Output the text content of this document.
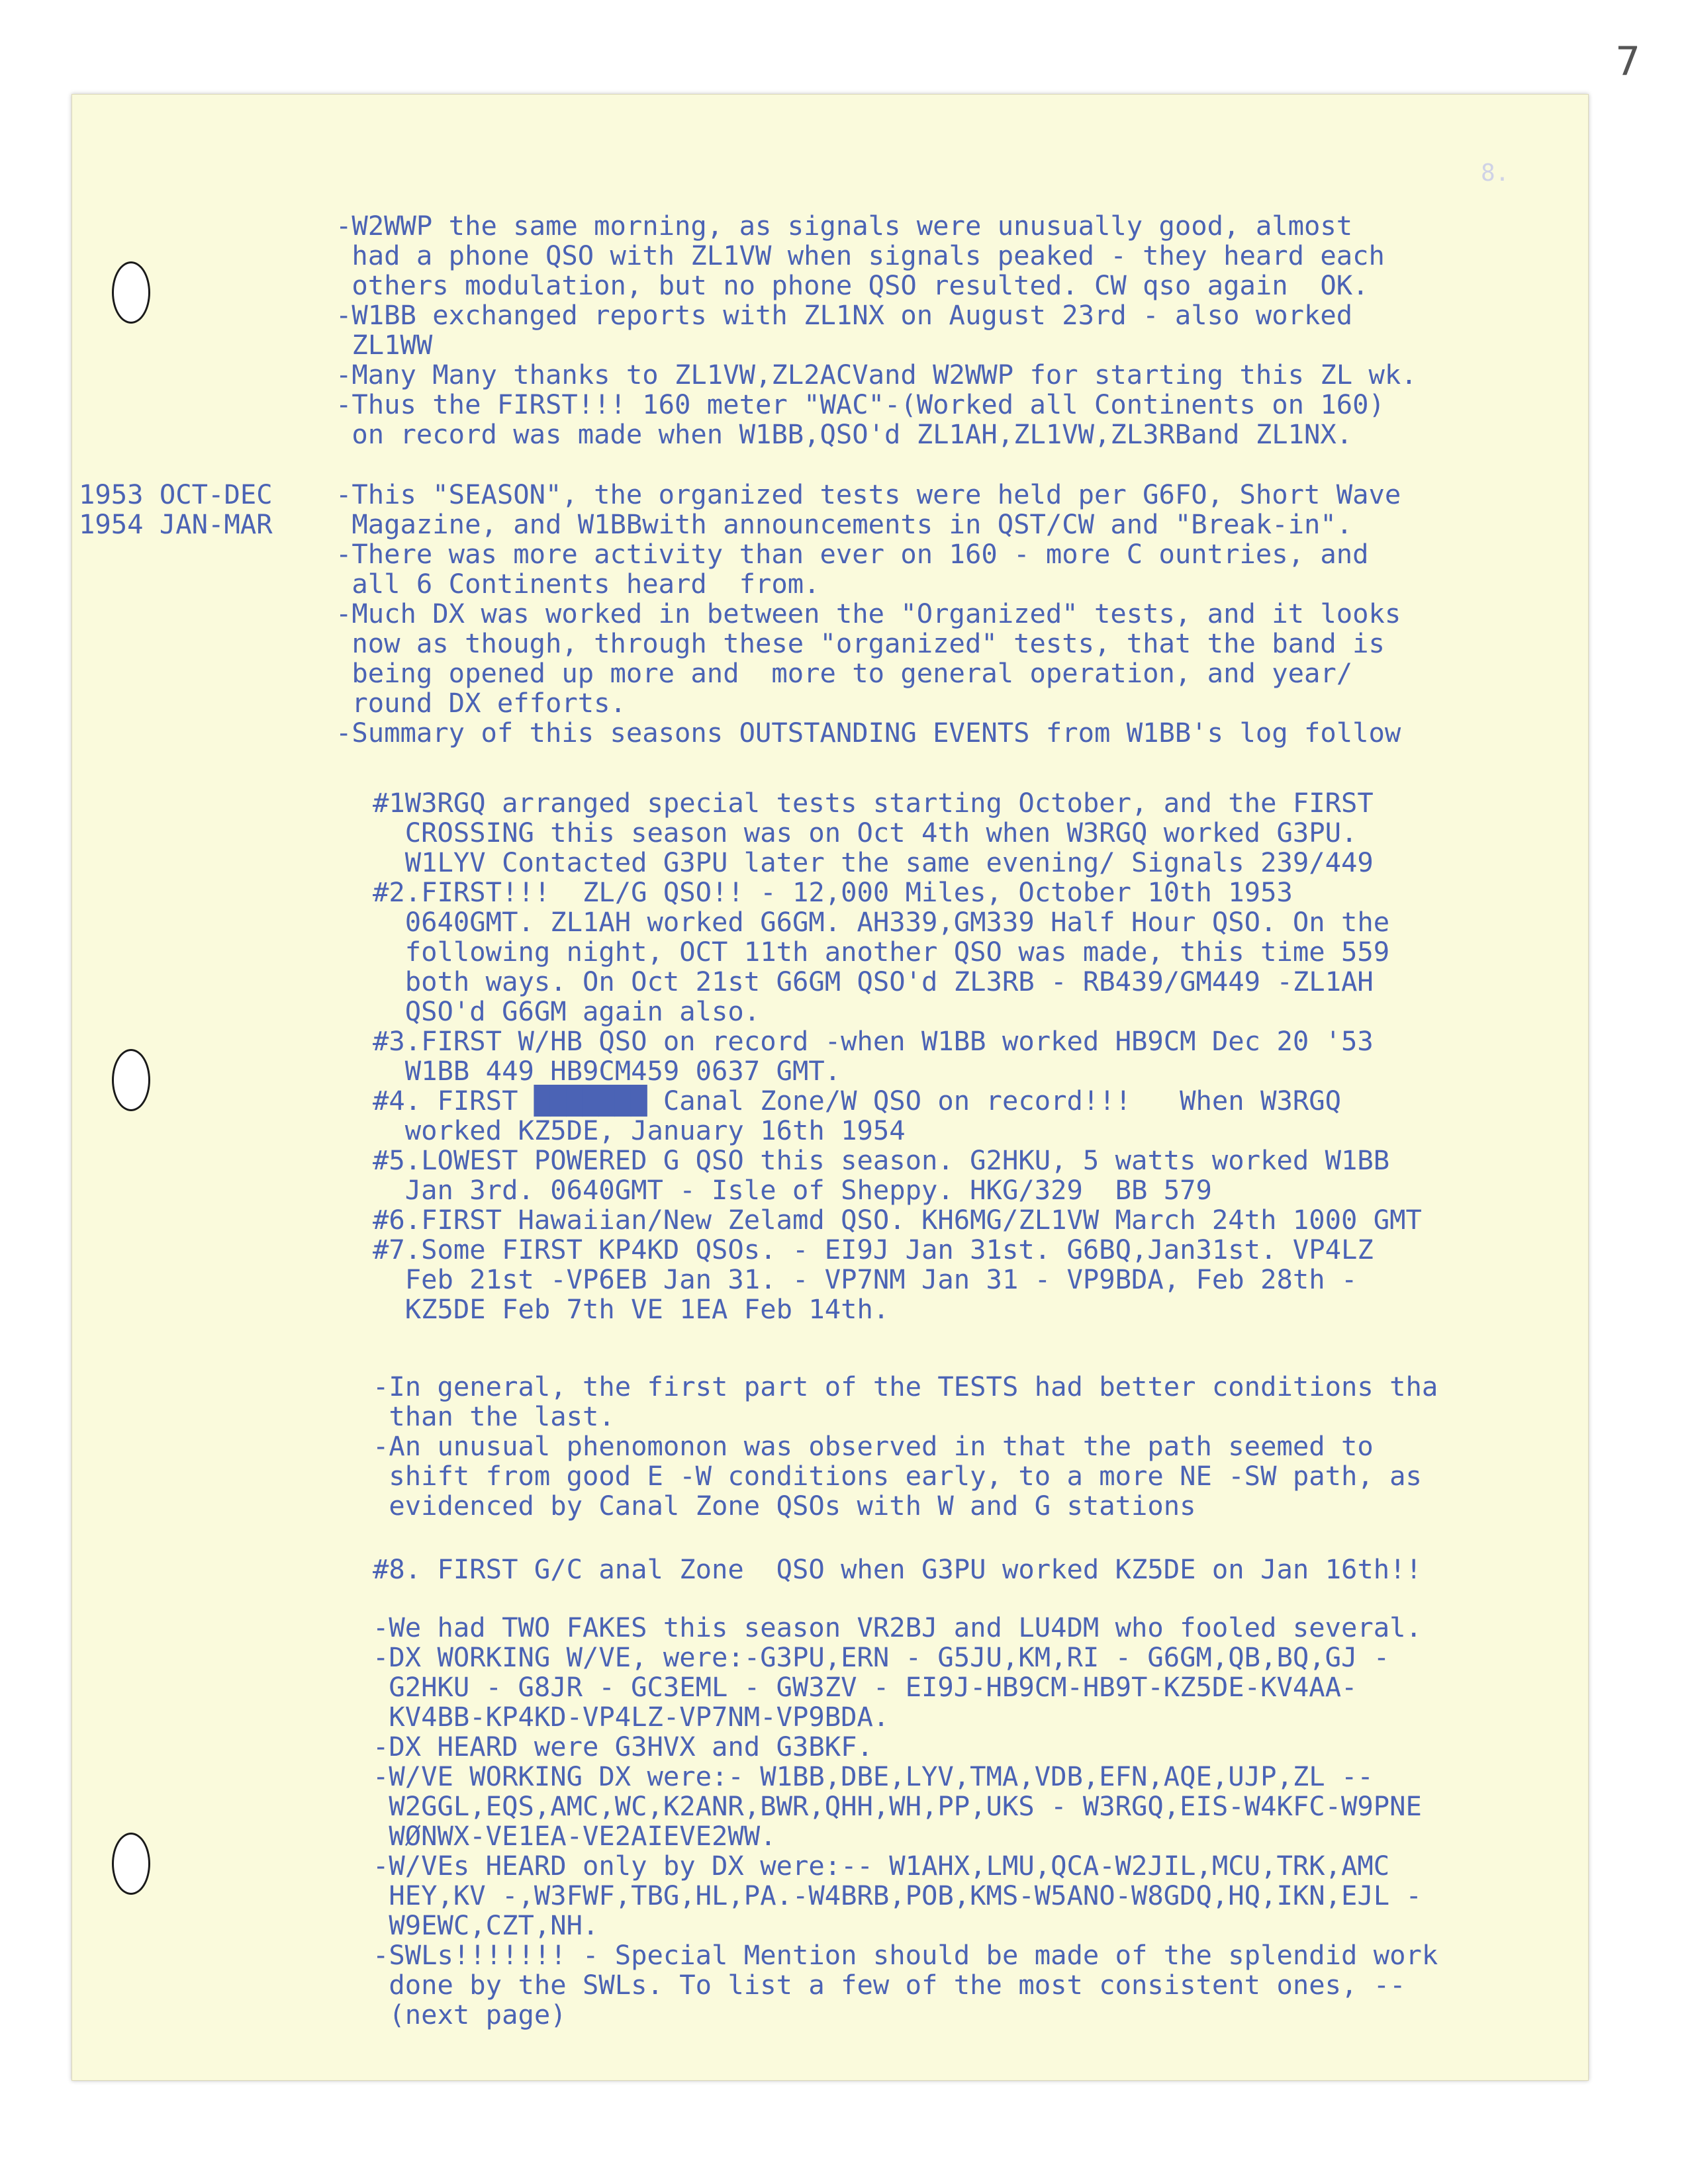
7
8.
1953 OCT-DEC
1954 JAN-MAR
-W2WWP the same morning, as signals were unusually good, almost
had a phone QSO with ZL1VW when signals peaked - they heard each
others modulation, but no phone QSO resulted. CW qso again  OK.
-W1BB exchanged reports with ZL1NX on August 23rd - also worked
ZL1WW
-Many Many thanks to ZL1VW,ZL2ACVand W2WWP for starting this ZL wk.
-Thus the FIRST!!! 160 meter "WAC"-(Worked all Continents on 160)
on record was made when W1BB,QSO'd ZL1AH,ZL1VW,ZL3RBand ZL1NX.
-This "SEASON", the organized tests were held per G6FO, Short Wave
Magazine, and W1BBwith announcements in QST/CW and "Break-in".
-There was more activity than ever on 160 - more C ountries, and
all 6 Continents heard  from.
-Much DX was worked in between the "Organized" tests, and it looks
now as though, through these "organized" tests, that the band is
being opened up more and  more to general operation, and year/
round DX efforts.
-Summary of this seasons OUTSTANDING EVENTS from W1BB's log follow
#1W3RGQ arranged special tests starting October, and the FIRST
CROSSING this season was on Oct 4th when W3RGQ worked G3PU.
W1LYV Contacted G3PU later the same evening/ Signals 239/449
#2.FIRST!!!  ZL/G QSO!! - 12,000 Miles, October 10th 1953
0640GMT. ZL1AH worked G6GM. AH339,GM339 Half Hour QSO. On the
following night, OCT 11th another QSO was made, this time 559
both ways. On Oct 21st G6GM QSO'd ZL3RB - RB439/GM449 -ZL1AH
QSO'd G6GM again also.
#3.FIRST W/HB QSO on record -when W1BB worked HB9CM Dec 20 '53
W1BB 449 HB9CM459 0637 GMT.
#4. FIRST ███████ Canal Zone/W QSO on record!!!   When W3RGQ
worked KZ5DE, January 16th 1954
#5.LOWEST POWERED G QSO this season. G2HKU, 5 watts worked W1BB
Jan 3rd. 0640GMT - Isle of Sheppy. HKG/329  BB 579
#6.FIRST Hawaiian/New Zelamd QSO. KH6MG/ZL1VW March 24th 1000 GMT
#7.Some FIRST KP4KD QSOs. - EI9J Jan 31st. G6BQ,Jan31st. VP4LZ
Feb 21st -VP6EB Jan 31. - VP7NM Jan 31 - VP9BDA, Feb 28th -
KZ5DE Feb 7th VE 1EA Feb 14th.
-In general, the first part of the TESTS had better conditions tha
than the last.
-An unusual phenomonon was observed in that the path seemed to
shift from good E -W conditions early, to a more NE -SW path, as
evidenced by Canal Zone QSOs with W and G stations
#8. FIRST G/C anal Zone  QSO when G3PU worked KZ5DE on Jan 16th!!
-We had TWO FAKES this season VR2BJ and LU4DM who fooled several.
-DX WORKING W/VE, were:-G3PU,ERN - G5JU,KM,RI - G6GM,QB,BQ,GJ -
G2HKU - G8JR - GC3EML - GW3ZV - EI9J-HB9CM-HB9T-KZ5DE-KV4AA-
KV4BB-KP4KD-VP4LZ-VP7NM-VP9BDA.
-DX HEARD were G3HVX and G3BKF.
-W/VE WORKING DX were:- W1BB,DBE,LYV,TMA,VDB,EFN,AQE,UJP,ZL --
W2GGL,EQS,AMC,WC,K2ANR,BWR,QHH,WH,PP,UKS - W3RGQ,EIS-W4KFC-W9PNE
WØNWX-VE1EA-VE2AIEVE2WW.
-W/VEs HEARD only by DX were:-- W1AHX,LMU,QCA-W2JIL,MCU,TRK,AMC
HEY,KV -,W3FWF,TBG,HL,PA.-W4BRB,POB,KMS-W5ANO-W8GDQ,HQ,IKN,EJL -
W9EWC,CZT,NH.
-SWLs!!!!!!! - Special Mention should be made of the splendid work
done by the SWLs. To list a few of the most consistent ones, --
(next page)
